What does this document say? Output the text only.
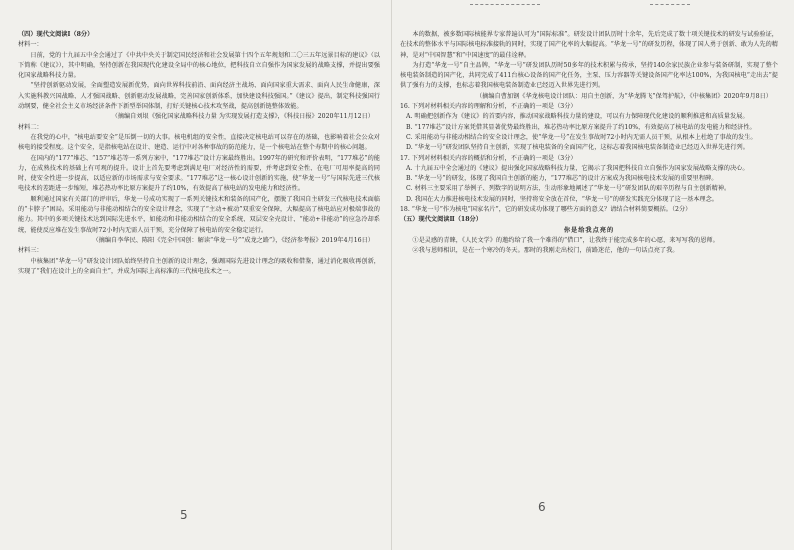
（四）现代文阅读Ⅰ（8分）

材料一：

日前，党的十九届五中全会通过了《中共中央关于制定国民经济和社会发展第十四个五年规划和二〇三五年远景目标的建议》（以下简称《建议》），其中明确，坚持创新在我国现代化建设全局中的核心地位，把科技自立自强作为国家发展的战略支撑，并提出要强化国家战略科技力量。

“坚持创新驱动发展，全面塑造发展新优势，面向世界科技前沿、面向经济主战场、面向国家重大需求、面向人民生命健康，深入实施科教兴国战略、人才强国战略、创新驱动发展战略，完善国家创新体系，加快建设科技强国。”《建议》提出，制定科技强国行动纲要，健全社会主义市场经济条件下新型举国体制，打好关键核心技术攻坚战，提高创新链整体效能。

（摘编自刘垠《强化国家战略科技力量 为实现发展打造支撑》，《科技日报》2020年11月12日）

材料二：

在我党的心中，“核电站要安全”是压倒一切的大事。核电机组的安全性，直接决定核电站可以存在的基础，也影响着社会公众对核电的接受程度。这个安全，是指核电站在设计、建造、运行中对各种事故的防范能力，是一个核电站在整个寿期中的核心问题。

在国内的“177”堆芯、“157”堆芯等一系列方案中，“177堆芯”设计方案最终胜出。1997年的研究和评价表明，“177堆芯”的能力，在成熟技术的基础上有可观的提升。设计上首先要考虑到满足电厂对经济性的需要，并考虑到安全性、在电厂可用率提高的同时，使安全性进一步提高，以适应新的市场需求与安全要求。“177堆芯”这一核心设计创新的实施，使“华龙一号”与国际先进三代核电技术的差距进一步缩短，堆芯热功率比原方案提升了约10%，有效提高了核电站的发电能力和经济性。

顺利通过国家有关部门的评审后，华龙一号成功实现了一系列关键技术和装备的国产化，摆脱了我国自主研发三代核电技术面临的“卡脖子”困局。采用能动与非能动相结合的安全设计理念，实现了“主动+被动”双重安全保障，大幅提高了核电站应对极端事故的能力。其中的多项关键技术达到国际先进水平，如能动和非能动相结合的安全系统、双层安全壳设计、“能动+非能动”的应急冷却系统，能使反应堆在发生事故时72小时内无需人员干预，充分保障了核电站的安全稳定运行。

（摘编自李华民、陈阳《完全中国创：解读“华龙一号”“成龙之路”》，《经济参考报》2019年4月16日）

材料三：

中核集团“华龙一号”研发设计团队始终坚持自主创新的设计理念，强调国际先进设计理念的吸收和借鉴，通过消化吸收再创新，实现了“我们在设计上的全面自主”，并成为国际上高标准的三代核电技术之一。

本的数据，被多数国际核能界专家普遍认可为“国际标准”。研发设计团队历时十余年，先后完成了数十项关键技术的研发与试验验证，在技术的整体水平与国际核电标准接轨的同时，实现了国产化率的大幅提高。“华龙一号”的研发历程，体现了国人勇于创新、敢为人先的精神，是对“中国智慧”和“中国速度”的最佳诠释。

为打造“华龙一号”自主品牌，“华龙一号”研发团队历时50多年的技术积累与传承，坚持140余家民族企业参与装备研制，实现了整个核电装备制造的国产化，共同完成了411台核心设备的国产化任务，主泵、压力容器等关键设备国产化率达100%，为我国核电“走出去”提供了强有力的支撑，也标志着我国核电装备制造业已经迈入世界先进行列。

（摘编自曹加钢《华龙核电设计团队：用自主创新，为“华龙腾飞”保驾护航》，《中核集团》2020年9月8日）

16. 下列对材料相关内容的理解和分析，不正确的一项是（3分）

A. 明确把创新作为《建议》的首要内容，推动国家战略科技力量的建设，可以有力保障现代化建设的顺利推进和高质量发展。

B. “177堆芯”设计方案凭借其显著优势最终胜出，堆芯热功率比原方案提升了约10%，有效提高了核电站的发电能力和经济性。

C. 采用能动与非能动相结合的安全设计理念，使“华龙一号”在发生事故时72小时内无需人员干预，从根本上杜绝了事故的发生。

D. “华龙一号”研发团队坚持自主创新，实现了核电装备的全面国产化，这标志着我国核电装备制造业已经迈入世界先进行列。

17. 下列对材料相关内容的概括和分析，不正确的一项是（3分）

A. 十九届五中全会通过的《建议》提出强化国家战略科技力量，它揭示了我国把科技自立自强作为国家发展战略支撑的决心。

B. “华龙一号”的研发，体现了我国自主创新的能力，“177堆芯”的设计方案成为我国核电技术发展的重要里程碑。

C. 材料三主要采用了举例子、列数字的说明方法，生动形象地阐述了“华龙一号”研发团队的艰辛历程与自主创新精神。

D. 我国在大力推进核电技术发展的同时，坚持将安全放在首位，“华龙一号”的研发实践充分体现了这一基本理念。

18. “华龙一号”作为核电“国家名片”，它的研发成功体现了哪些方面的意义？请结合材料简要概括。（2分）

（五）现代文阅读Ⅱ（18分）

你是给我点亮的

①是灵感的青睐，《人民文学》的邀约给了我一个难得的“借口”，让我终于能完成多年的心愿，来写写我的恩师。

②我与恩师相识，是在一个寒冷的冬天。那时的我刚走出校门，前路迷茫，他的一句话点亮了我。

5
6
